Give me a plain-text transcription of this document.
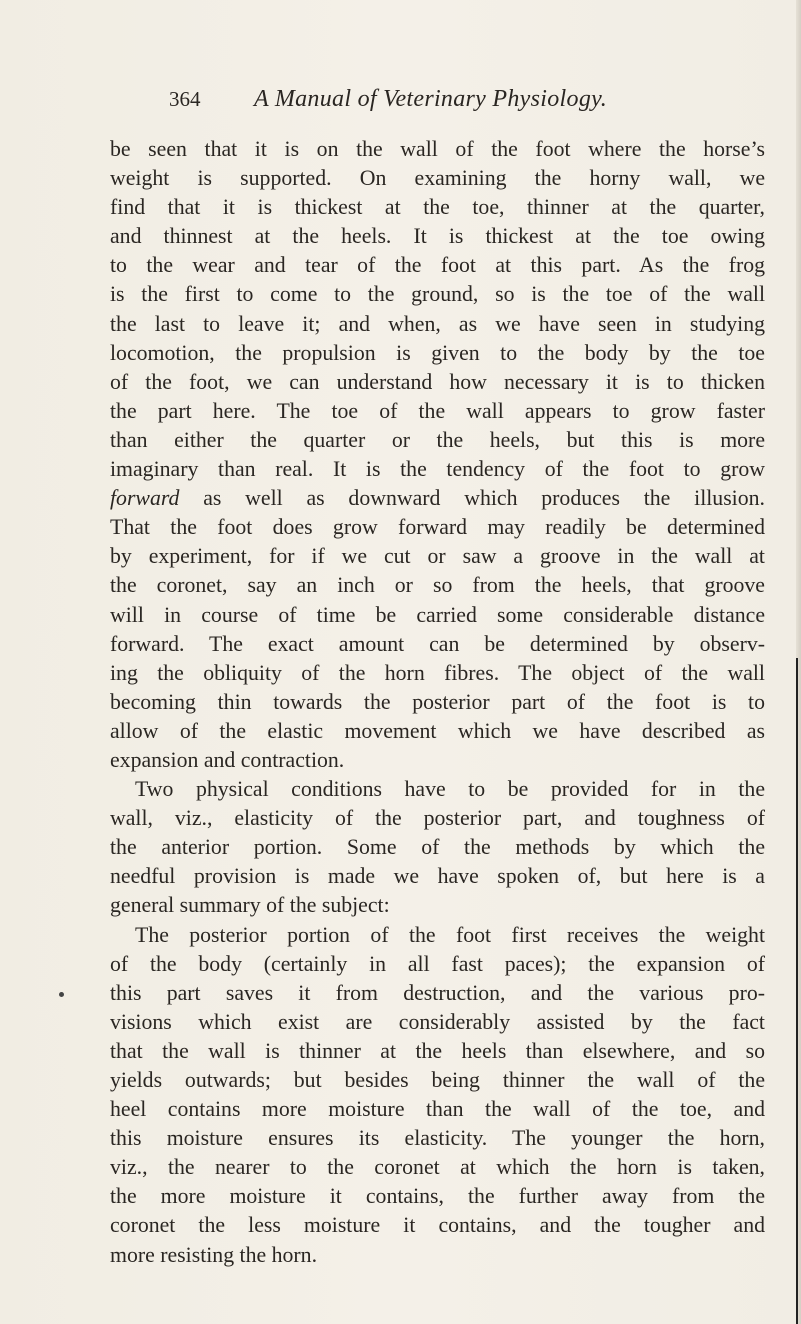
364 A Manual of Veterinary Physiology.

be seen that it is on the wall of the foot where the horse’s
weight is supported. On examining the horny wall, we
find that it is thickest at the toe, thinner at the quarter,
and thinnest at the heels. It is thickest at the toe owing
to the wear and tear of the foot at this part. As the frog
is the first to come to the ground, so is the toe of the wall
the last to leave it; and when, as we have seen in studying
locomotion, the propulsion is given to the body by the toe
of the foot, we can understand how necessary it is to thicken
the part here. The toe of the wall appears to grow faster
than either the quarter or the heels, but this is more
imaginary than real. It is the tendency of the foot to grow
forward as well as downward which produces the illusion.
That the foot does grow forward may readily be determined
by experiment, for if we cut or saw a groove in the wall at
the coronet, say an inch or so from the heels, that groove
will in course of time be carried some considerable distance
forward. The exact amount can be determined by observ-
ing the obliquity of the horn fibres. The object of the wall
becoming thin towards the posterior part of the foot is to
allow of the elastic movement which we have described as
expansion and contraction.

Two physical conditions have to be provided for in the
wall, viz., elasticity of the posterior part, and toughness of
the anterior portion. Some of the methods by which the
needful provision is made we have spoken of, but here is a
general summary of the subject:

The posterior portion of the foot first receives the weight
of the body (certainly in all fast paces); the expansion of
this part saves it from destruction, and the various pro-
visions which exist are considerably assisted by the fact
that the wall is thinner at the heels than elsewhere, and so
yields outwards; but besides being thinner the wall of the
heel contains more moisture than the wall of the toe, and
this moisture ensures its elasticity. The younger the horn,
viz., the nearer to the coronet at which the horn is taken,
the more moisture it contains, the further away from the
coronet the less moisture it contains, and the tougher and
more resisting the horn.
